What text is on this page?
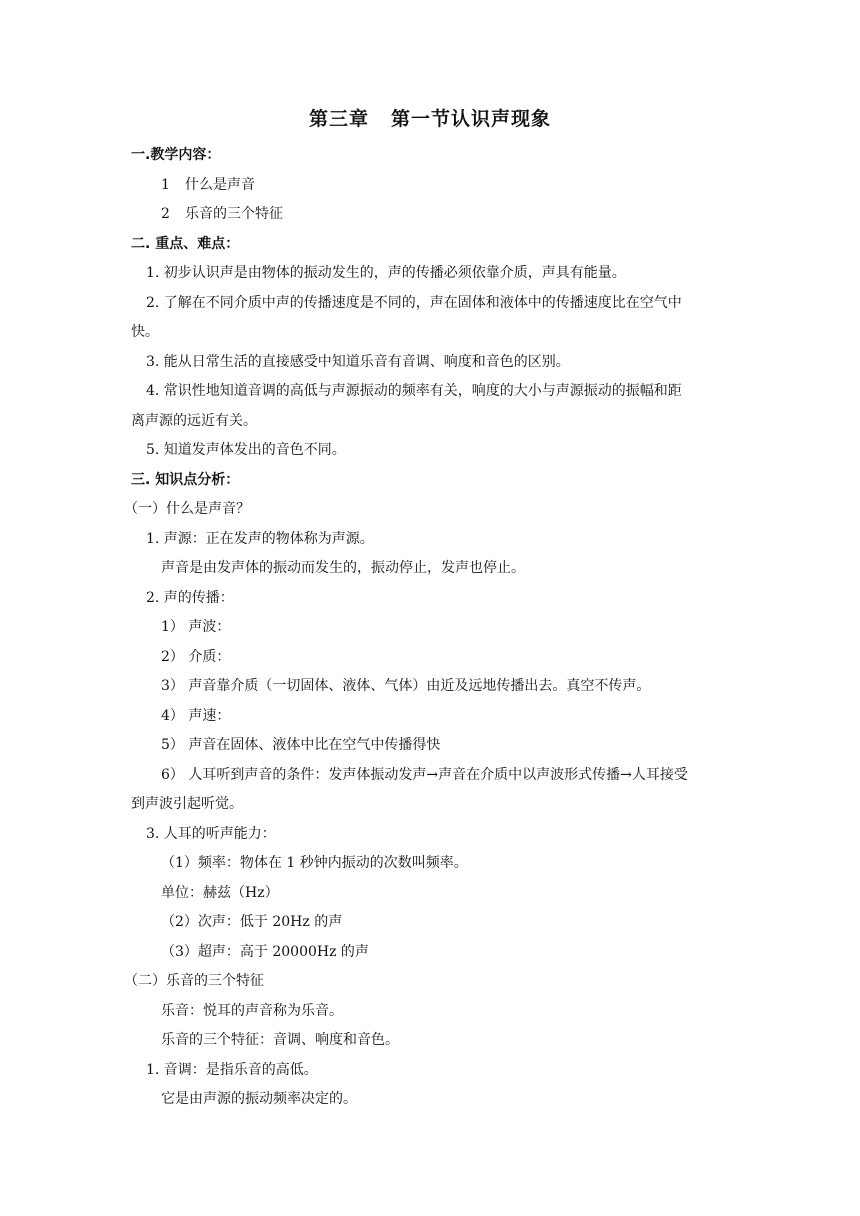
第三章 第一节认识声现象
一.教学内容：
1 什么是声音
2 乐音的三个特征
二. 重点、难点：
1. 初步认识声是由物体的振动发生的，声的传播必须依靠介质，声具有能量。
2. 了解在不同介质中声的传播速度是不同的，声在固体和液体中的传播速度比在空气中
快。
3. 能从日常生活的直接感受中知道乐音有音调、响度和音色的区别。
4. 常识性地知道音调的高低与声源振动的频率有关，响度的大小与声源振动的振幅和距
离声源的远近有关。
5. 知道发声体发出的音色不同。
三. 知识点分析：
（一）什么是声音？
1. 声源：正在发声的物体称为声源。
声音是由发声体的振动而发生的，振动停止，发声也停止。
2. 声的传播：
1） 声波：
2） 介质：
3） 声音靠介质（一切固体、液体、气体）由近及远地传播出去。真空不传声。
4） 声速：
5） 声音在固体、液体中比在空气中传播得快
6） 人耳听到声音的条件：发声体振动发声→声音在介质中以声波形式传播→人耳接受
到声波引起听觉。
3. 人耳的听声能力：
（1）频率：物体在 1 秒钟内振动的次数叫频率。
单位：赫兹（Hz）
（2）次声：低于 20Hz 的声
（3）超声：高于 20000Hz 的声
（二）乐音的三个特征
乐音：悦耳的声音称为乐音。
乐音的三个特征：音调、响度和音色。
1. 音调：是指乐音的高低。
它是由声源的振动频率决定的。
